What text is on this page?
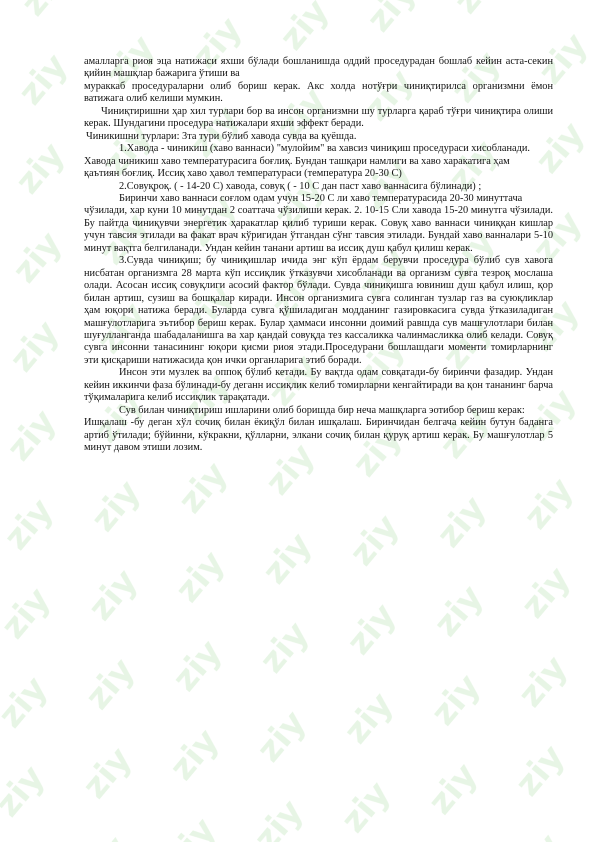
амалларга риоя эца натижаси яхши бўлади бошланишда оддий проседурадан бошлаб кейин аста-секин қийин машқлар бажарига ўтиши ва

мураккаб проседураларни олиб бориш керак. Акс холда нотўғри чиниқтирилса организмни ёмон ватижага олиб келиши мумкин.

Чиниқтиришни ҳар хил турлари бор ва инсон организмни шу турларга қараб тўғри чиниқтира олиши керак. Шундагини проседура натижалари яхши эффект беради.

Чиникишни турлари: 3та тури бўлиб хавода сувда ва қуёшда.

1.Хавода - чиникиш (хаво ваннаси) "мулойим" ва хавсиз чиниқиш проседураси хисобланади.

Хавода чиникиш хаво температурасига боғлиқ. Бундан ташқари намлиги ва хаво харакатига ҳам

қаътиян боғлиқ. Иссиқ хаво ҳавол температураси (температура 20-30 С)

2.Совуқроқ. ( - 14-20 С) хавода, совуқ ( - 10 С дан паст хаво ваннасига бўлинади) ;

Биринчи хаво ваннаси соғлом одам учун 15-20 С ли хаво температурасида 20-30 минуттача

чўзилади, хар куни 10 минутдан 2 соаттача чўзилиши керак. 2. 10-15 Сли хавода 15-20 минутга чўзилади. Бу пайтда чиниқувчи энергетик ҳаракатлар қилиб туриши керак. Совуқ хаво ваннаси чиниққан кишлар учун тавсия этилади ва факат врач кўригидан ўтгандан сўнг тавсия этилади. Бундай хаво ванналари 5-10 минут вақтга белгиланади. Ундан кейин танани артиш ва иссиқ душ қабул қилиш керак.

3.Сувда чиниқиш; бу чиниқишлар ичида энг кўп ёрдам берувчи проседура бўлиб сув хавога нисбатан организмга 28 марта кўп иссиқлик ўтказувчи хисобланади ва организм сувга тезроқ мослаша олади. Асосан иссиқ совуқлиги асосий фактор бўлади. Сувда чиниқишга ювиниш душ қабул илиш, қор билан артиш, сузиш ва бошқалар киради. Инсон организмига сувга солинган тузлар газ ва суюқликлар ҳам юқори натижа беради. Буларда сувга қўшиладиган модданинг газировкасига сувда ўтказиладиган машғулотларига эътибор бериш керак. Булар ҳаммаси инсонни доимий равшда сув машғулотлари билан шуғулланганда шабадаланишга ва хар қандай совуқда тез кассаликка чалинмасликка олиб келади. Совуқ сувга инсонни танасининг юқори қисми риоя этади.Проседурани бошлашдаги моменти томирларнинг эти қисқариши натижасида қон ички органларига этиб боради.

Инсон эти музлек ва оппоқ бўлиб кетади. Бу вақтда одам совқатади-бу биринчи фазадир. Ундан кейин иккинчи фаза бўлинади-бу деганн иссиқлик келиб томирларни кенгайтиради ва қон тананинг барча тўқималарига келиб иссиқлик тарақатади.

Сув билан чиниқтириш ишларини олиб боришда бир неча машқларга эотибор бериш керак:

Ишқалаш -бу деган хўл сочиқ билан ёкиқўл билан ишқалаш. Биринчидан белгача кейин бутун баданга артиб ўтилади; бўйинни, кўкракни, қўлларни, элкани сочиқ билан қуруқ артиш керак. Бу машғулотлар 5 минут давом этиши лозим.
